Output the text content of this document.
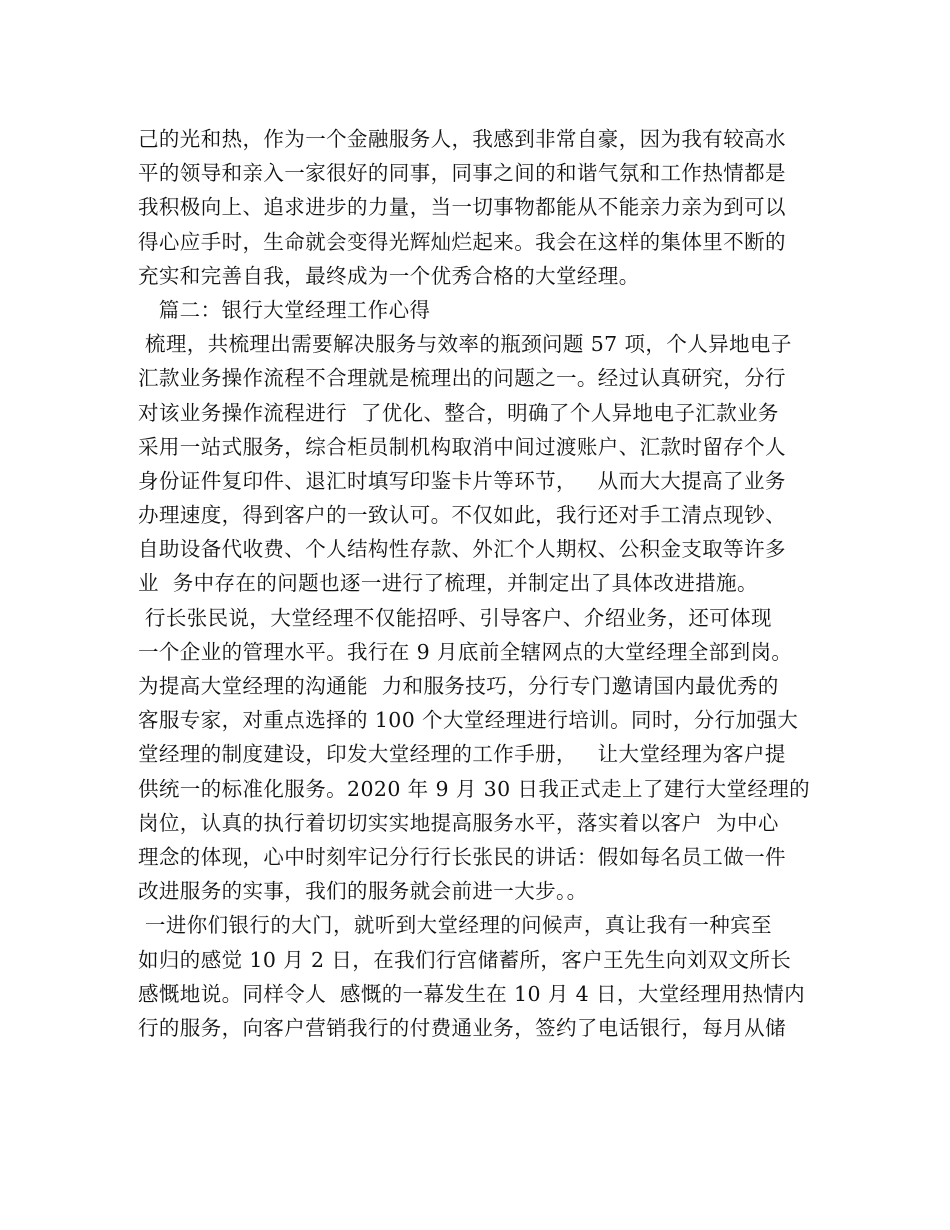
己的光和热，作为一个金融服务人，我感到非常自豪，因为我有较高水
平的领导和亲入一家很好的同事，同事之间的和谐气氛和工作热情都是
我积极向上、追求进步的力量，当一切事物都能从不能亲力亲为到可以
得心应手时，生命就会变得光辉灿烂起来。我会在这样的集体里不断的
充实和完善自我，最终成为一个优秀合格的大堂经理。
篇二：银行大堂经理工作心得
梳理，共梳理出需要解决服务与效率的瓶颈问题 57 项，个人异地电子
汇款业务操作流程不合理就是梳理出的问题之一。经过认真研究，分行
对该业务操作流程进行  了优化、整合，明确了个人异地电子汇款业务
采用一站式服务，综合柜员制机构取消中间过渡账户、汇款时留存个人
身份证件复印件、退汇时填写印鉴卡片等环节，   从而大大提高了业务
办理速度，得到客户的一致认可。不仅如此，我行还对手工清点现钞、
自助设备代收费、个人结构性存款、外汇个人期权、公积金支取等许多
业  务中存在的问题也逐一进行了梳理，并制定出了具体改进措施。
行长张民说，大堂经理不仅能招呼、引导客户、介绍业务，还可体现
一个企业的管理水平。我行在 9 月底前全辖网点的大堂经理全部到岗。
为提高大堂经理的沟通能  力和服务技巧，分行专门邀请国内最优秀的
客服专家，对重点选择的 100 个大堂经理进行培训。同时，分行加强大
堂经理的制度建设，印发大堂经理的工作手册，   让大堂经理为客户提
供统一的标准化服务。2020 年 9 月 30 日我正式走上了建行大堂经理的
岗位，认真的执行着切切实实地提高服务水平，落实着以客户  为中心
理念的体现，心中时刻牢记分行行长张民的讲话：假如每名员工做一件
改进服务的实事，我们的服务就会前进一大步。。
一进你们银行的大门，就听到大堂经理的问候声，真让我有一种宾至
如归的感觉 10 月 2 日，在我们行宫储蓄所，客户王先生向刘双文所长
感慨地说。同样令人  感慨的一幕发生在 10 月 4 日，大堂经理用热情内
行的服务，向客户营销我行的付费通业务，签约了电话银行，每月从储
